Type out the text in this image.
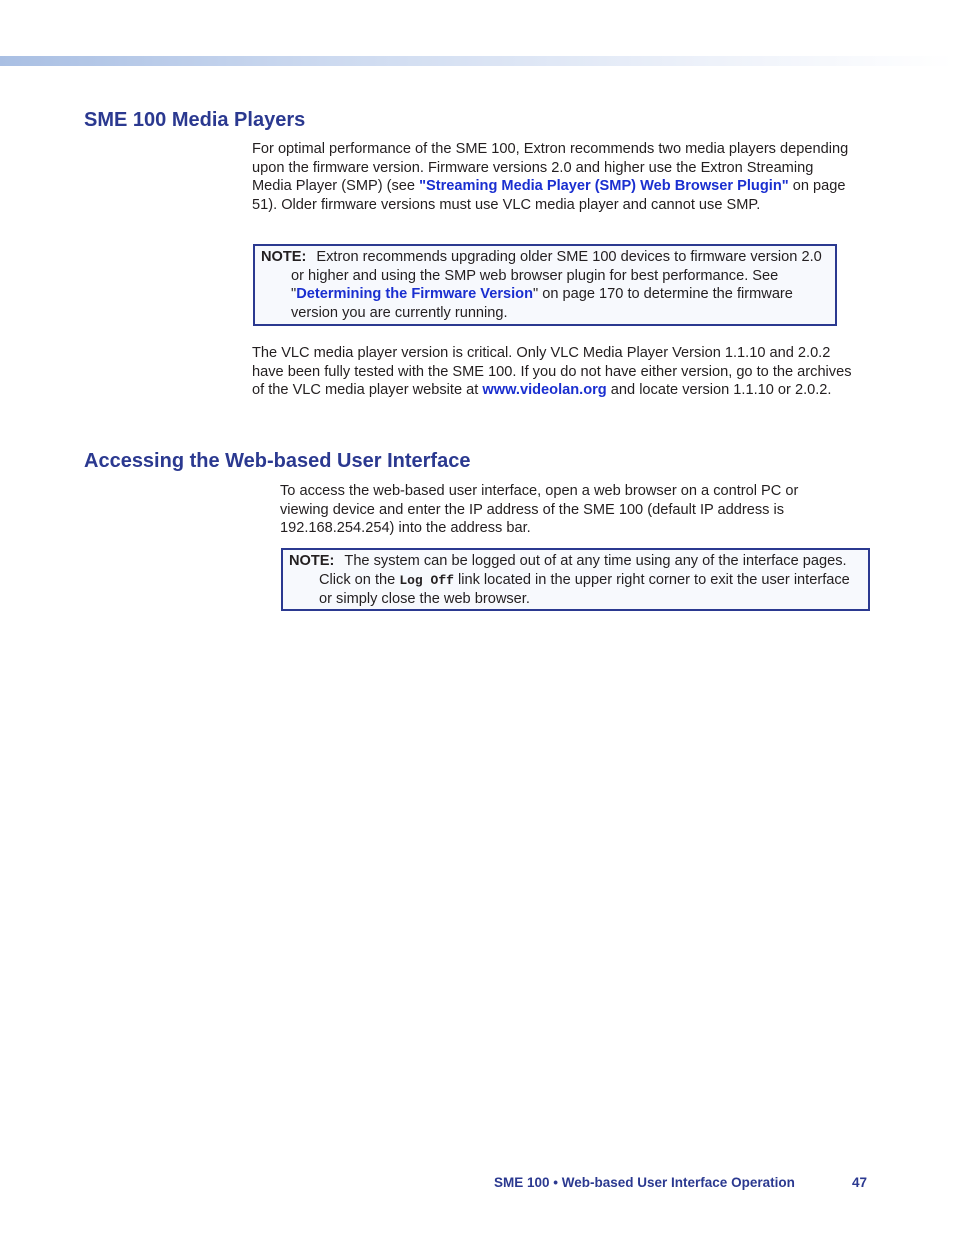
SME 100 Media Players

For optimal performance of the SME 100, Extron recommends two media players depending upon the firmware version. Firmware versions 2.0 and higher use the Extron Streaming Media Player (SMP) (see "Streaming Media Player (SMP) Web Browser Plugin" on page 51). Older firmware versions must use VLC media player and cannot use SMP.

NOTE: Extron recommends upgrading older SME 100 devices to firmware version 2.0 or higher and using the SMP web browser plugin for best performance. See "Determining the Firmware Version" on page 170 to determine the firmware version you are currently running.

The VLC media player version is critical. Only VLC Media Player Version 1.1.10 and 2.0.2 have been fully tested with the SME 100. If you do not have either version, go to the archives of the VLC media player website at www.videolan.org and locate version 1.1.10 or 2.0.2.

Accessing the Web-based User Interface

To access the web-based user interface, open a web browser on a control PC or viewing device and enter the IP address of the SME 100 (default IP address is 192.168.254.254) into the address bar.

NOTE: The system can be logged out of at any time using any of the interface pages. Click on the Log Off link located in the upper right corner to exit the user interface or simply close the web browser.
SME 100 • Web-based User Interface Operation	47
